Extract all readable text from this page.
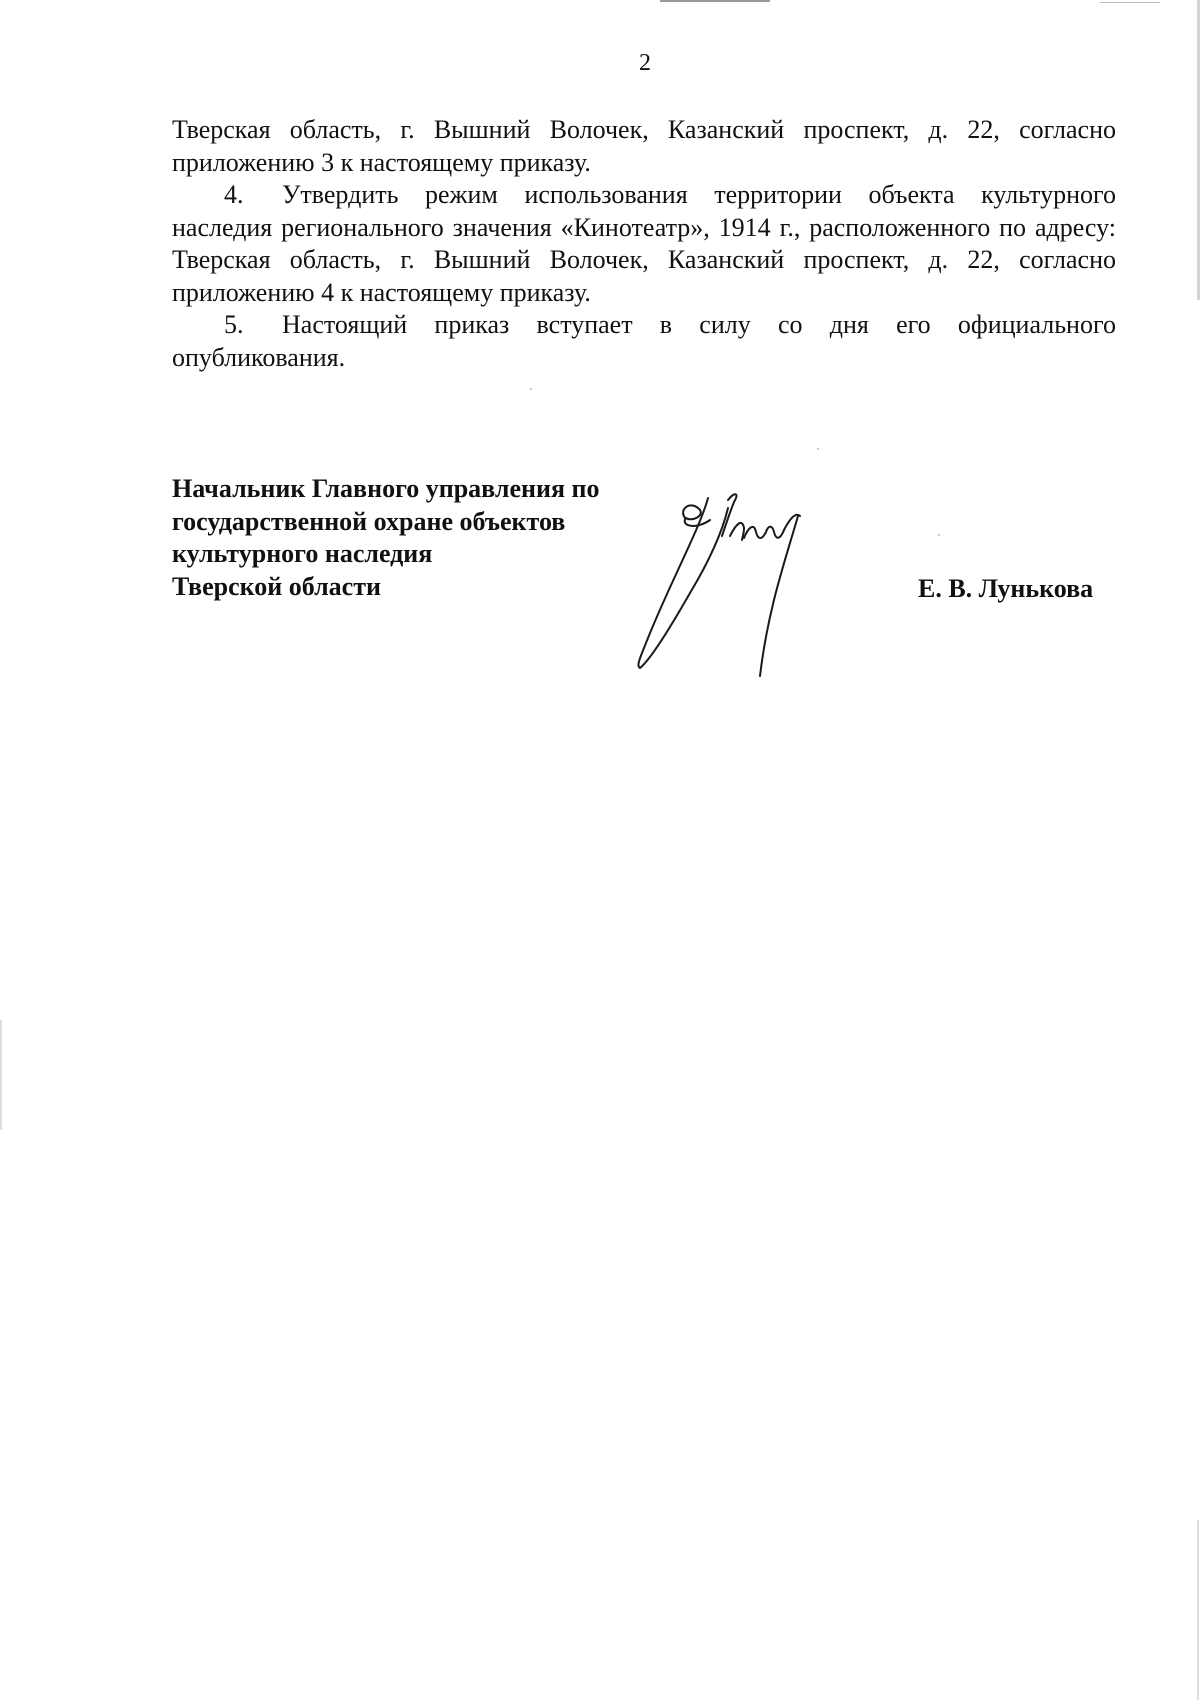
2

Тверская область, г. Вышний Волочек, Казанский проспект, д. 22, согласно приложению 3 к настоящему приказу.

4. Утвердить режим использования территории объекта культурного наследия регионального значения «Кинотеатр», 1914 г., расположенного по адресу: Тверская область, г. Вышний Волочек, Казанский проспект, д. 22, согласно приложению 4 к настоящему приказу.

5. Настоящий приказ вступает в силу со дня его официального опубликования.

Начальник Главного управления по
государственной охране объектов
культурного наследия
Тверской области	Е. В. Лунькова
